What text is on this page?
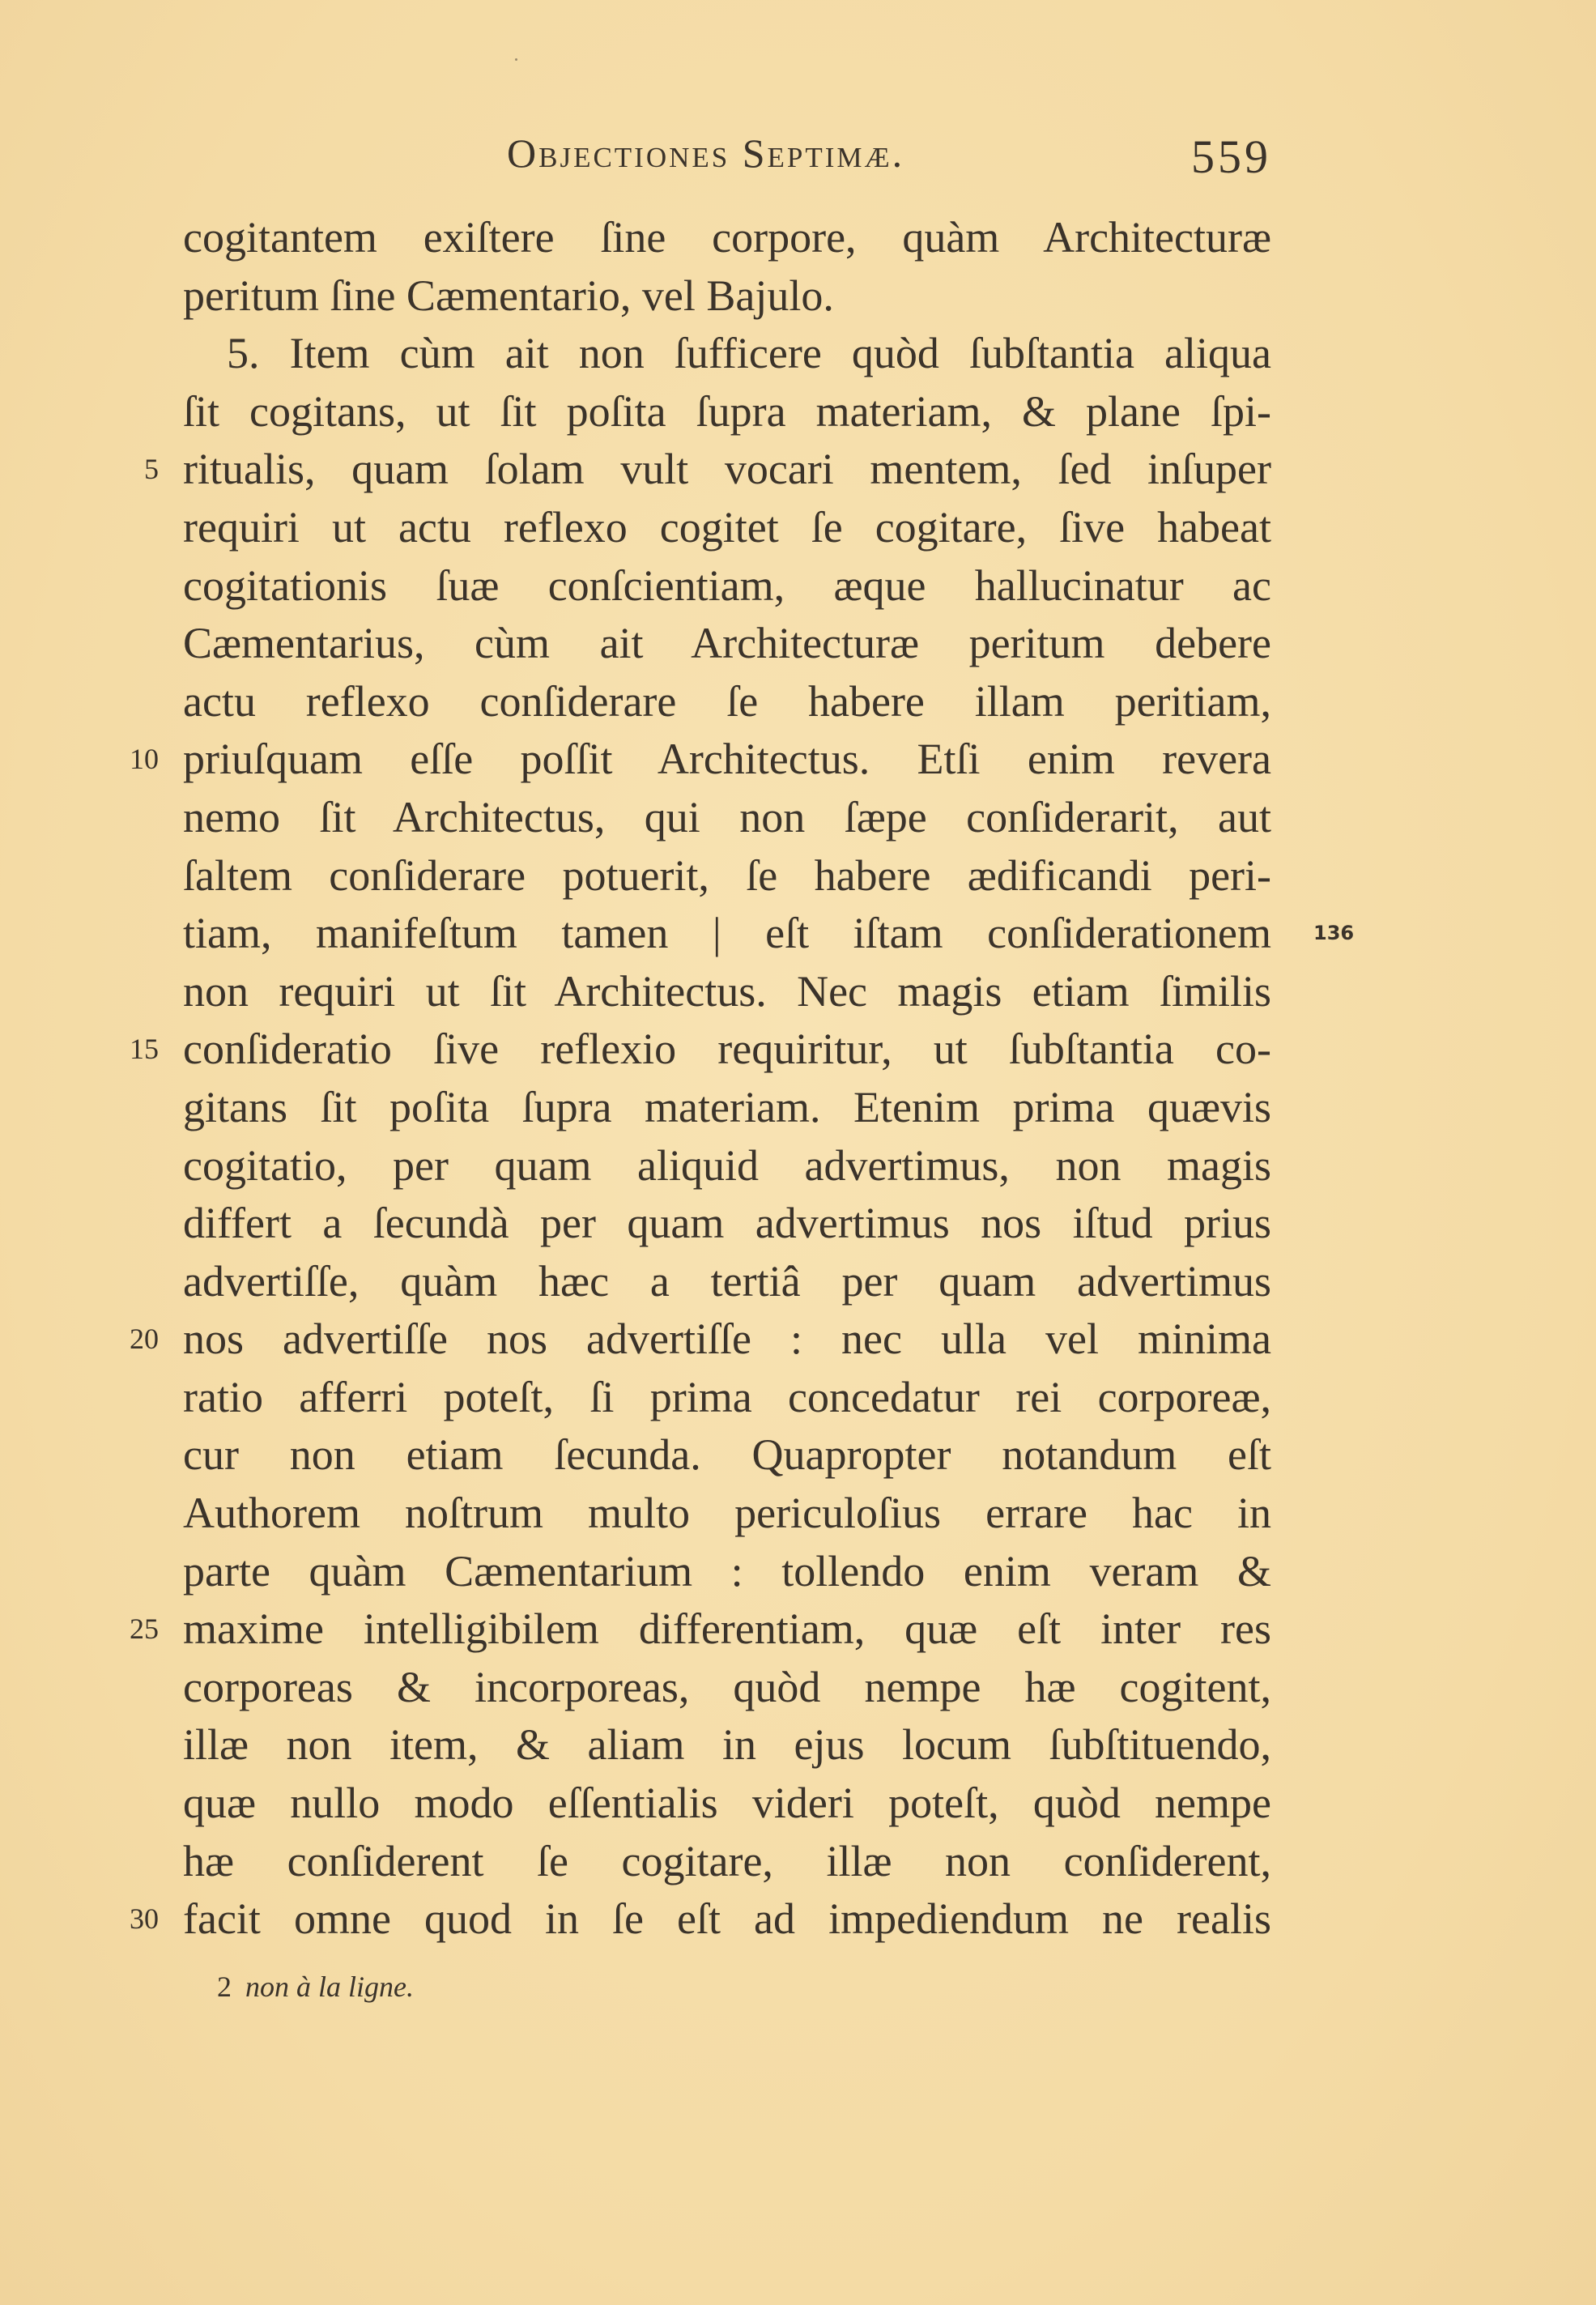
Objectiones Septimæ.	559
cogitantem exiſtere ſine corpore, quàm Architecturæ
peritum ſine Cæmentario, vel Bajulo.
5. Item cùm ait non ſufficere quòd ſubſtantia aliqua
ſit cogitans, ut ſit poſita ſupra materiam, & plane ſpi-
ritualis, quam ſolam vult vocari mentem, ſed inſuper
5
requiri ut actu reflexo cogitet ſe cogitare, ſive habeat
cogitationis ſuæ conſcientiam, æque hallucinatur ac
Cæmentarius, cùm ait Architecturæ peritum debere
actu reflexo conſiderare ſe habere illam peritiam,
priuſquam eſſe poſſit Architectus. Etſi enim revera
10
nemo ſit Architectus, qui non ſæpe conſiderarit, aut
ſaltem conſiderare potuerit, ſe habere ædificandi peri-
tiam, manifeſtum tamen | eſt iſtam conſiderationem 136
non requiri ut ſit Architectus. Nec magis etiam ſimilis
conſideratio ſive reflexio requiritur, ut ſubſtantia co-
15
gitans ſit poſita ſupra materiam. Etenim prima quævis
cogitatio, per quam aliquid advertimus, non magis
differt a ſecundà per quam advertimus nos iſtud prius
advertiſſe, quàm hæc a tertiâ per quam advertimus
nos advertiſſe nos advertiſſe : nec ulla vel minima
20
ratio afferri poteſt, ſi prima concedatur rei corporeæ,
cur non etiam ſecunda. Quapropter notandum eſt
Authorem noſtrum multo periculoſius errare hac in
parte quàm Cæmentarium : tollendo enim veram &
maxime intelligibilem differentiam, quæ eſt inter res
25
corporeas & incorporeas, quòd nempe hæ cogitent,
illæ non item, & aliam in ejus locum ſubſtituendo,
quæ nullo modo eſſentialis videri poteſt, quòd nempe
hæ conſiderent ſe cogitare, illæ non conſiderent,
facit omne quod in ſe eſt ad impediendum ne realis
30
2 non à la ligne.
